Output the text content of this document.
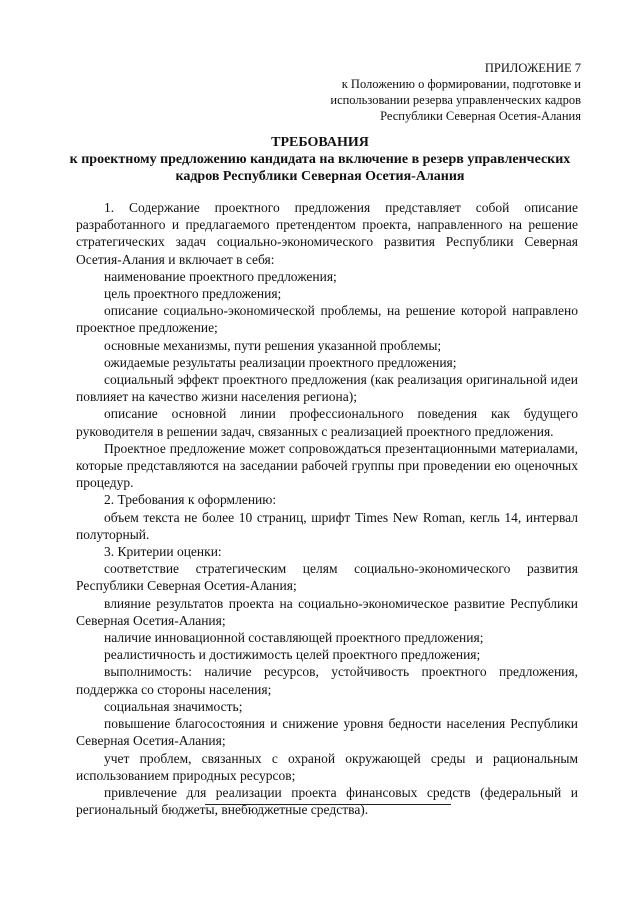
ПРИЛОЖЕНИЕ 7
к Положению о формировании, подготовке и
использовании резерва управленческих кадров
Республики Северная Осетия-Алания
ТРЕБОВАНИЯ
к проектному предложению кандидата на включение в резерв управленческих
кадров Республики Северная Осетия-Алания

1. Содержание проектного предложения представляет собой описание разработанного и предлагаемого претендентом проекта, направленного на решение стратегических задач социально-экономического развития Республики Северная Осетия-Алания и включает в себя:

наименование проектного предложения;

цель проектного предложения;

описание социально-экономической проблемы, на решение которой направлено проектное предложение;

основные механизмы, пути решения указанной проблемы;

ожидаемые результаты реализации проектного предложения;

социальный эффект проектного предложения (как реализация оригинальной идеи повлияет на качество жизни населения региона);

описание основной линии профессионального поведения как будущего руководителя в решении задач, связанных с реализацией проектного предложения.

Проектное предложение может сопровождаться презентационными материалами, которые представляются на заседании рабочей группы при проведении ею оценочных процедур.

2. Требования к оформлению:

объем текста не более 10 страниц, шрифт Times New Roman, кегль 14, интервал полуторный.

3. Критерии оценки:

соответствие стратегическим целям социально-экономического развития Республики Северная Осетия-Алания;

влияние результатов проекта на социально-экономическое развитие Республики Северная Осетия-Алания;

наличие инновационной составляющей проектного предложения;

реалистичность и достижимость целей проектного предложения;

выполнимость: наличие ресурсов, устойчивость проектного предложения, поддержка со стороны населения;

социальная значимость;

повышение благосостояния и снижение уровня бедности населения Республики Северная Осетия-Алания;

учет проблем, связанных с охраной окружающей среды и рациональным использованием природных ресурсов;

привлечение для реализации проекта финансовых средств (федеральный и региональный бюджеты, внебюджетные средства).
